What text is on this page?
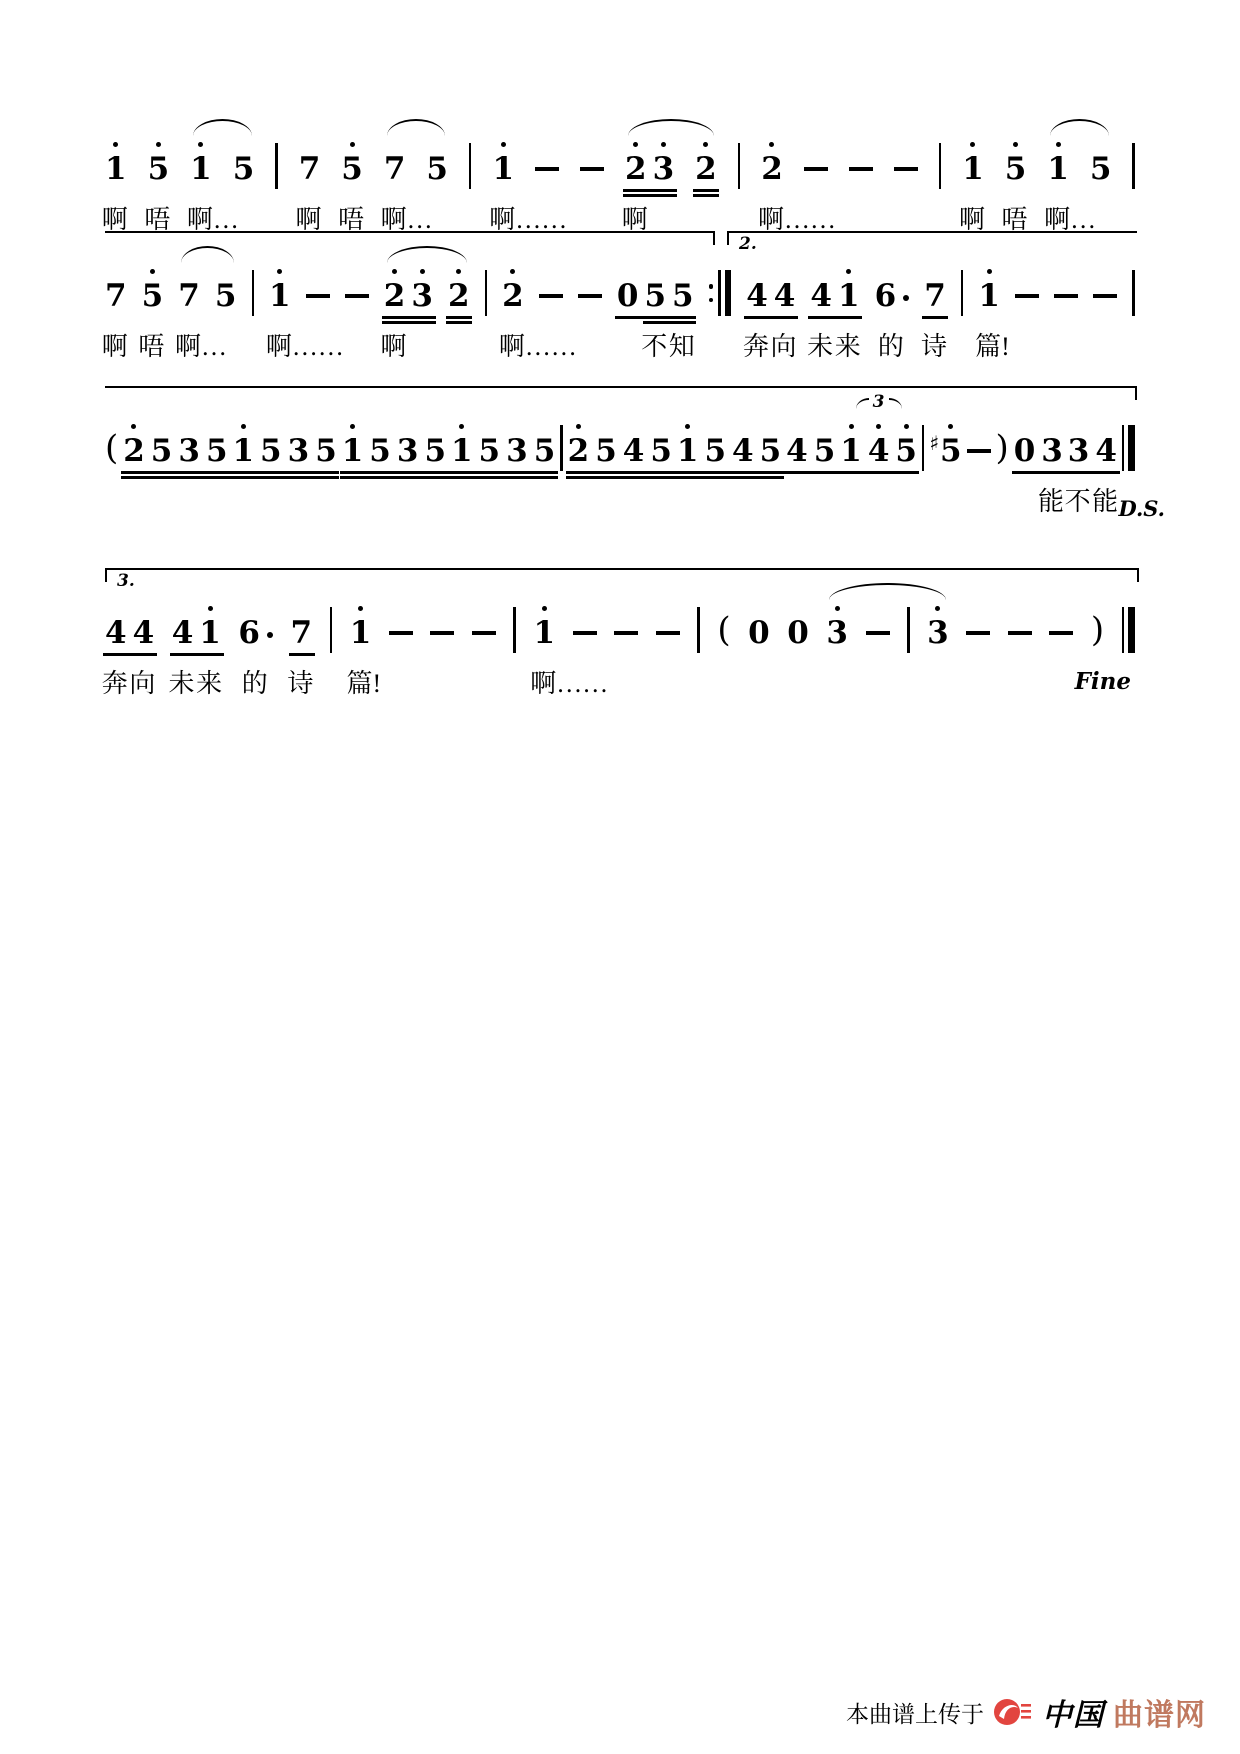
1
啊
5
唔
1
啊…
5 7
啊
5
唔
7
啊…
5 1
啊……
2
啊
3 2 2
啊……
1
啊
5
唔
1
啊…
5
7
啊
5
唔
7
啊…
5 1
啊……
2
啊
3 2 2
啊……
0 5
不
5
知
4
奔
4
向
4
未
1
来
6
的
7
诗
1
篇!
2.
( 2 5 3 5 1 5 3 5 1 5 3 5 1 5 3 5 2 5 4 5 1 5 4 5 4 5 1 4 5
3
♯ 5 ) 0 3
能
3
不
4
能 D.S.
4
奔
4
向
4
未
1
来
6
的
7
诗
1
篇!
1
啊……
( 0 0 3	3	)
3.
Fine
本曲谱上传于 中国 曲谱网
